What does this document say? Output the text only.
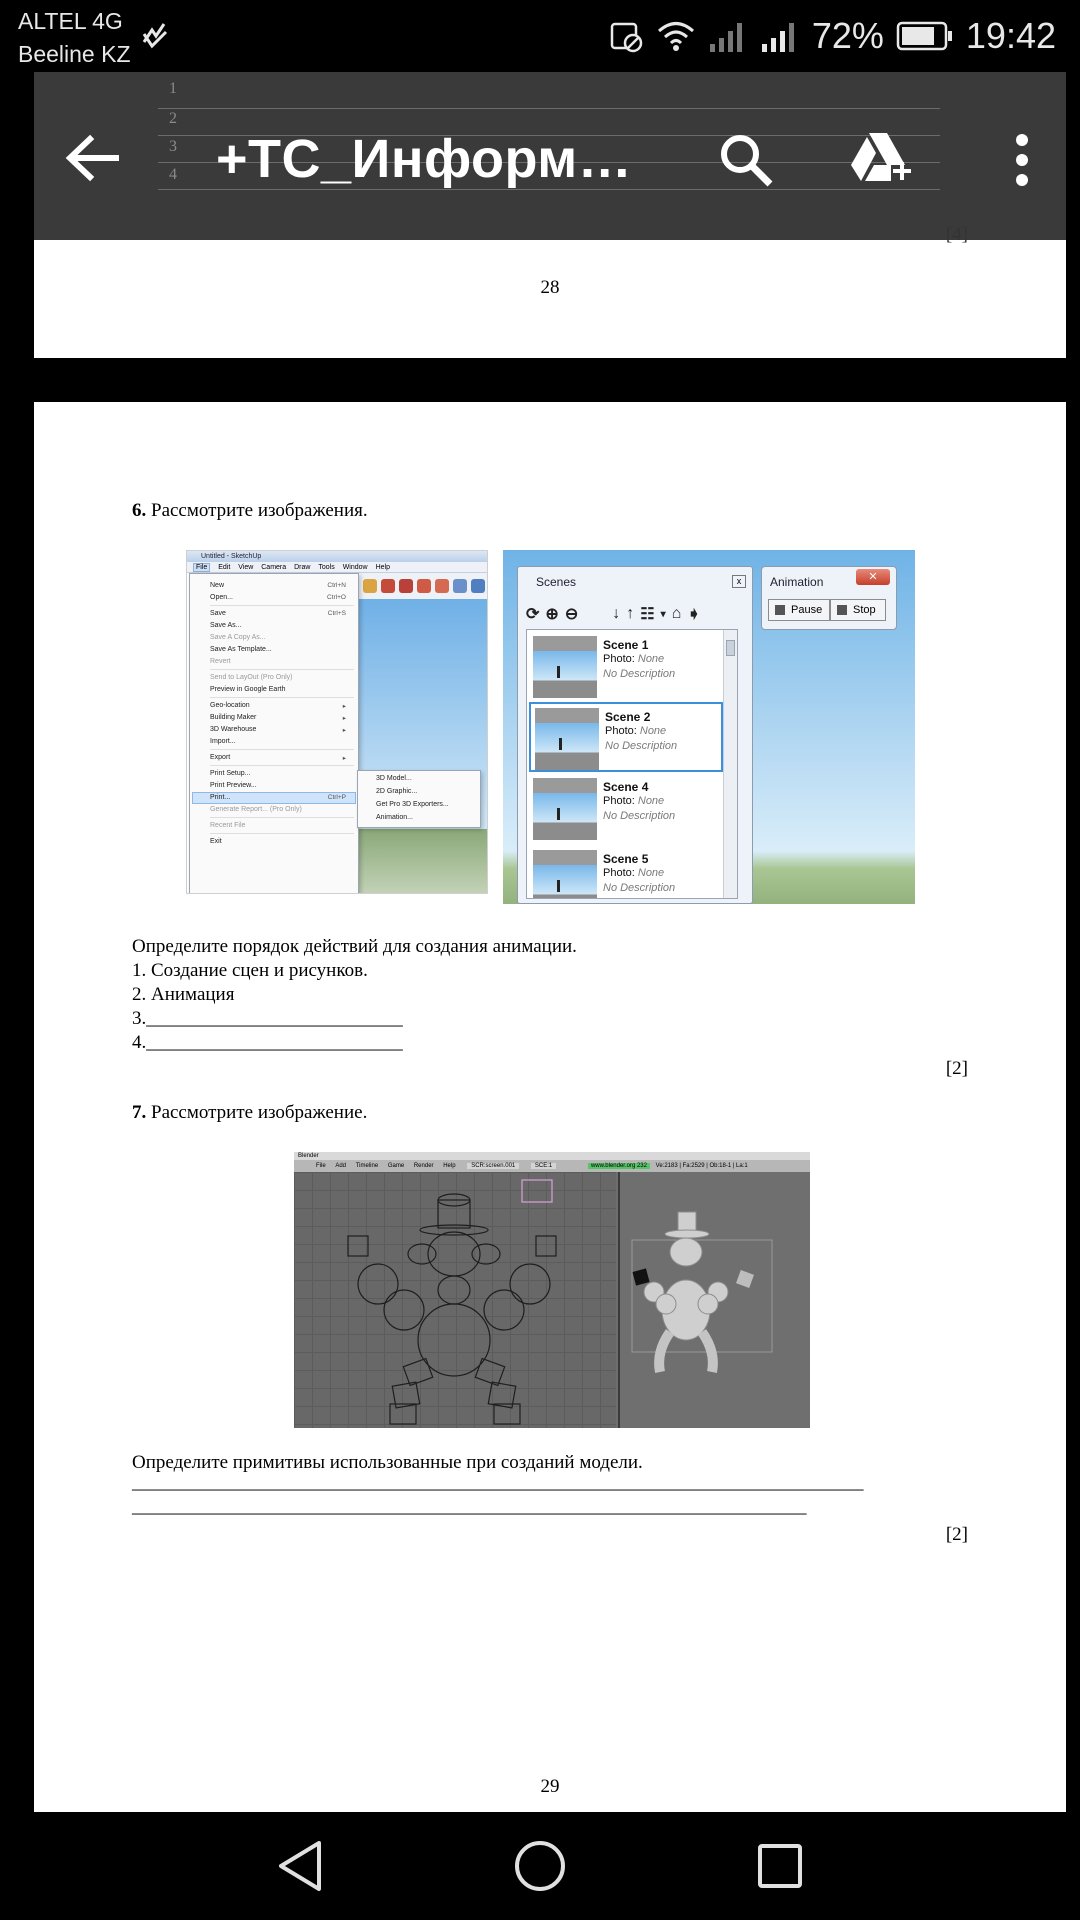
ALTEL 4G
Beeline KZ	72% 19:42
1
2
3
4 +ТС_Информ…
[4]
28
6. Рассмотрите изображения.
Untitled - SketchUp
File Edit View Camera Draw Tools Window Help
New	Ctrl+N
Open...	Ctrl+O
Save	Ctrl+S
Save As...
Save A Copy As...
Save As Template...
Revert
Send to LayOut (Pro Only)
Preview in Google Earth
Geo-location	▸
Building Maker	▸
3D Warehouse	▸
Import...
Export	▸
Print Setup...
Print Preview...
Print...	Ctrl+P
Generate Report... (Pro Only)
Recent File
Exit
3D Model...
2D Graphic...
Get Pro 3D Exporters...
Animation...
Scenes	x
⟳ ⊕ ⊖ ↓ ↑ ☷ ▾ ⌂ ➧
Scene 1
Photo: None
No Description
Scene 2
Photo: None
No Description
Scene 4
Photo: None
No Description
Scene 5
Photo: None
No Description
Animation	✕
Pause	Stop
Определите порядок действий для создания анимации.
1. Создание сцен и рисунков.
2. Анимация
3.___________________________
4.___________________________
[2]
7. Рассмотрите изображение.
Blender
File Add Timeline Game Render Help	SCR:screen.001	SCE:1	www.blender.org 232 Ve:2183 | Fa:2529 | Ob:18-1 | La:1
Определите примитивы использованные при созданий модели.
_____________________________________________________________________________
_______________________________________________________________________
[2]
29
